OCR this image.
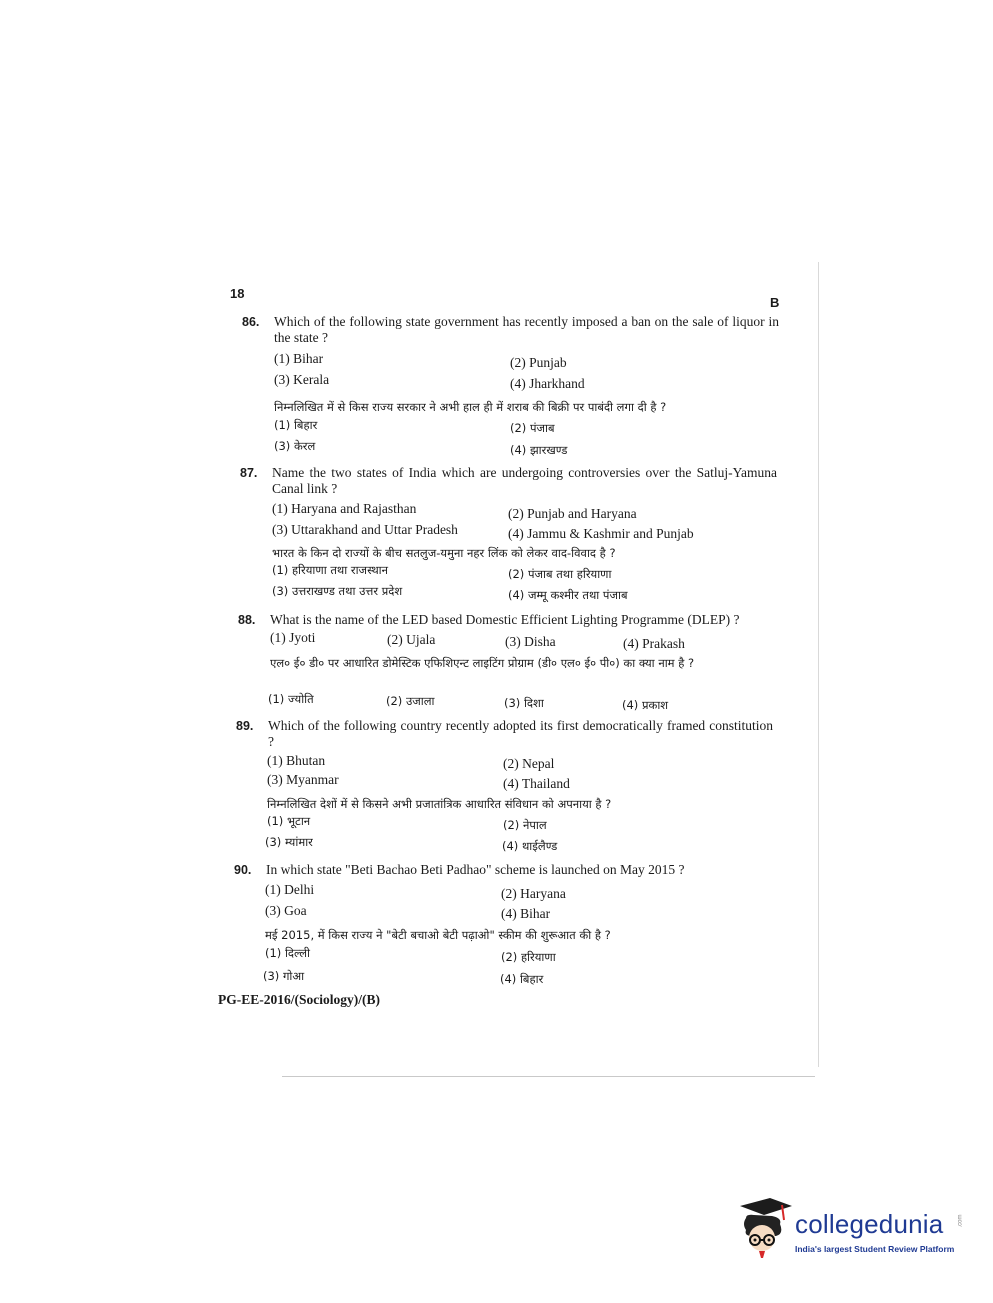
18
B
86. Which of the following state government has recently imposed a ban on the sale of liquor in the state ?
(1) Bihar	(2) Punjab
(3) Kerala	(4) Jharkhand
निम्नलिखित में से किस राज्य सरकार ने अभी हाल ही में शराब की बिक्री पर पाबंदी लगा दी है ?
(1) बिहार	(2) पंजाब
(3) केरल	(4) झारखण्ड
87. Name the two states of India which are undergoing controversies over the Satluj-Yamuna Canal link ?
(1) Haryana and Rajasthan	(2) Punjab and Haryana
(3) Uttarakhand and Uttar Pradesh	(4) Jammu & Kashmir and Punjab
भारत के किन दो राज्यों के बीच सतलुज-यमुना नहर लिंक को लेकर वाद-विवाद है ?
(1) हरियाणा तथा राजस्थान	(2) पंजाब तथा हरियाणा
(3) उत्तराखण्ड तथा उत्तर प्रदेश	(4) जम्मू कश्मीर तथा पंजाब
88. What is the name of the LED based Domestic Efficient Lighting Programme (DLEP) ?
(1) Jyoti	(2) Ujala	(3) Disha	(4) Prakash
एल० ई० डी० पर आधारित डोमेस्टिक एफिशिएन्ट लाइटिंग प्रोग्राम (डी० एल० ई० पी०) का क्या नाम है ?
(1) ज्योति	(2) उजाला	(3) दिशा	(4) प्रकाश
89. Which of the following country recently adopted its first democratically framed constitution ?
(1) Bhutan	(2) Nepal
(3) Myanmar	(4) Thailand
निम्नलिखित देशों में से किसने अभी प्रजातांत्रिक आधारित संविधान को अपनाया है ?
(1) भूटान	(2) नेपाल
(3) म्यांमार	(4) थाईलैण्ड
90. In which state "Beti Bachao Beti Padhao" scheme is launched on May 2015 ?
(1) Delhi	(2) Haryana
(3) Goa	(4) Bihar
मई 2015, में किस राज्य ने "बेटी बचाओ बेटी पढ़ाओ" स्कीम की शुरूआत की है ?
(1) दिल्ली	(2) हरियाणा
(3) गोआ	(4) बिहार
PG-EE-2016/(Sociology)/(B)
collegedunia .com
India's largest Student Review Platform
